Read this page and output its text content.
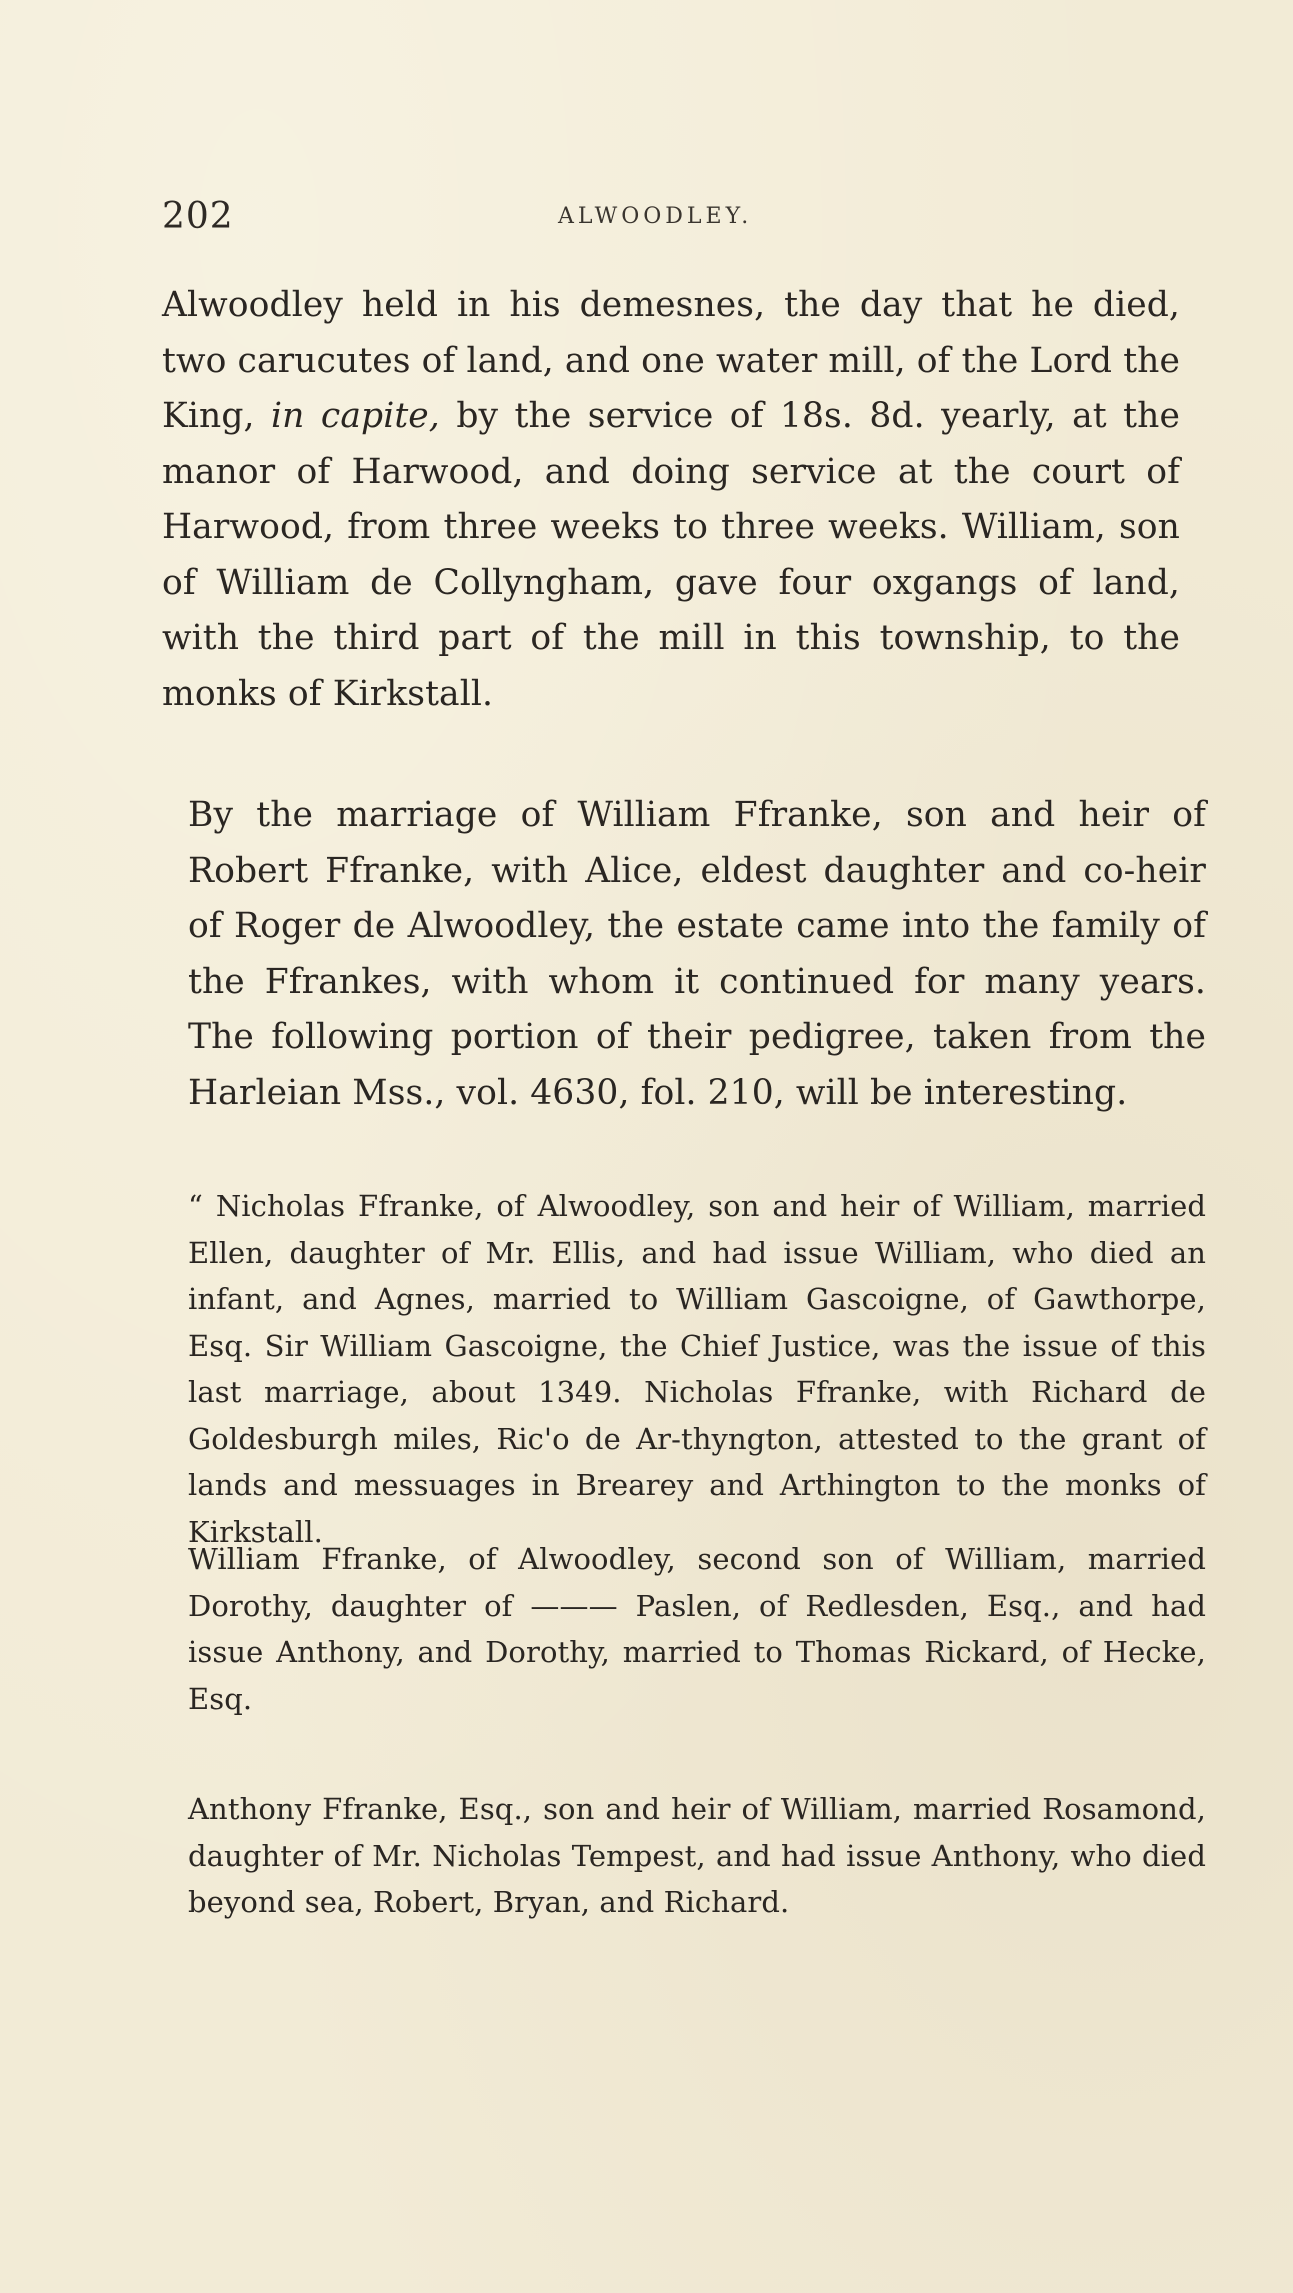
202	ALWOODLEY.

Alwoodley held in his demesnes, the day that he died, two carucutes of land, and one water mill, of the Lord the King, in capite, by the service of 18s. 8d. yearly, at the manor of Harwood, and doing service at the court of Harwood, from three weeks to three weeks. William, son of William de Collyngham, gave four oxgangs of land, with the third part of the mill in this township, to the monks of Kirkstall.

By the marriage of William Ffranke, son and heir of Robert Ffranke, with Alice, eldest daughter and co-heir of Roger de Alwoodley, the estate came into the family of the Ffrankes, with whom it continued for many years. The following portion of their pedigree, taken from the Harleian Mss., vol. 4630, fol. 210, will be interesting.

“ Nicholas Ffranke, of Alwoodley, son and heir of William, married Ellen, daughter of Mr. Ellis, and had issue William, who died an infant, and Agnes, married to William Gascoigne, of Gawthorpe, Esq. Sir William Gascoigne, the Chief Justice, was the issue of this last marriage, about 1349. Nicholas Ffranke, with Richard de Goldesburgh miles, Ric'o de Ar-thyngton, attested to the grant of lands and messuages in Brearey and Arthington to the monks of Kirkstall.

William Ffranke, of Alwoodley, second son of William, married Dorothy, daughter of ——— Paslen, of Redlesden, Esq., and had issue Anthony, and Dorothy, married to Thomas Rickard, of Hecke, Esq.

Anthony Ffranke, Esq., son and heir of William, married Rosamond, daughter of Mr. Nicholas Tempest, and had issue Anthony, who died beyond sea, Robert, Bryan, and Richard.
